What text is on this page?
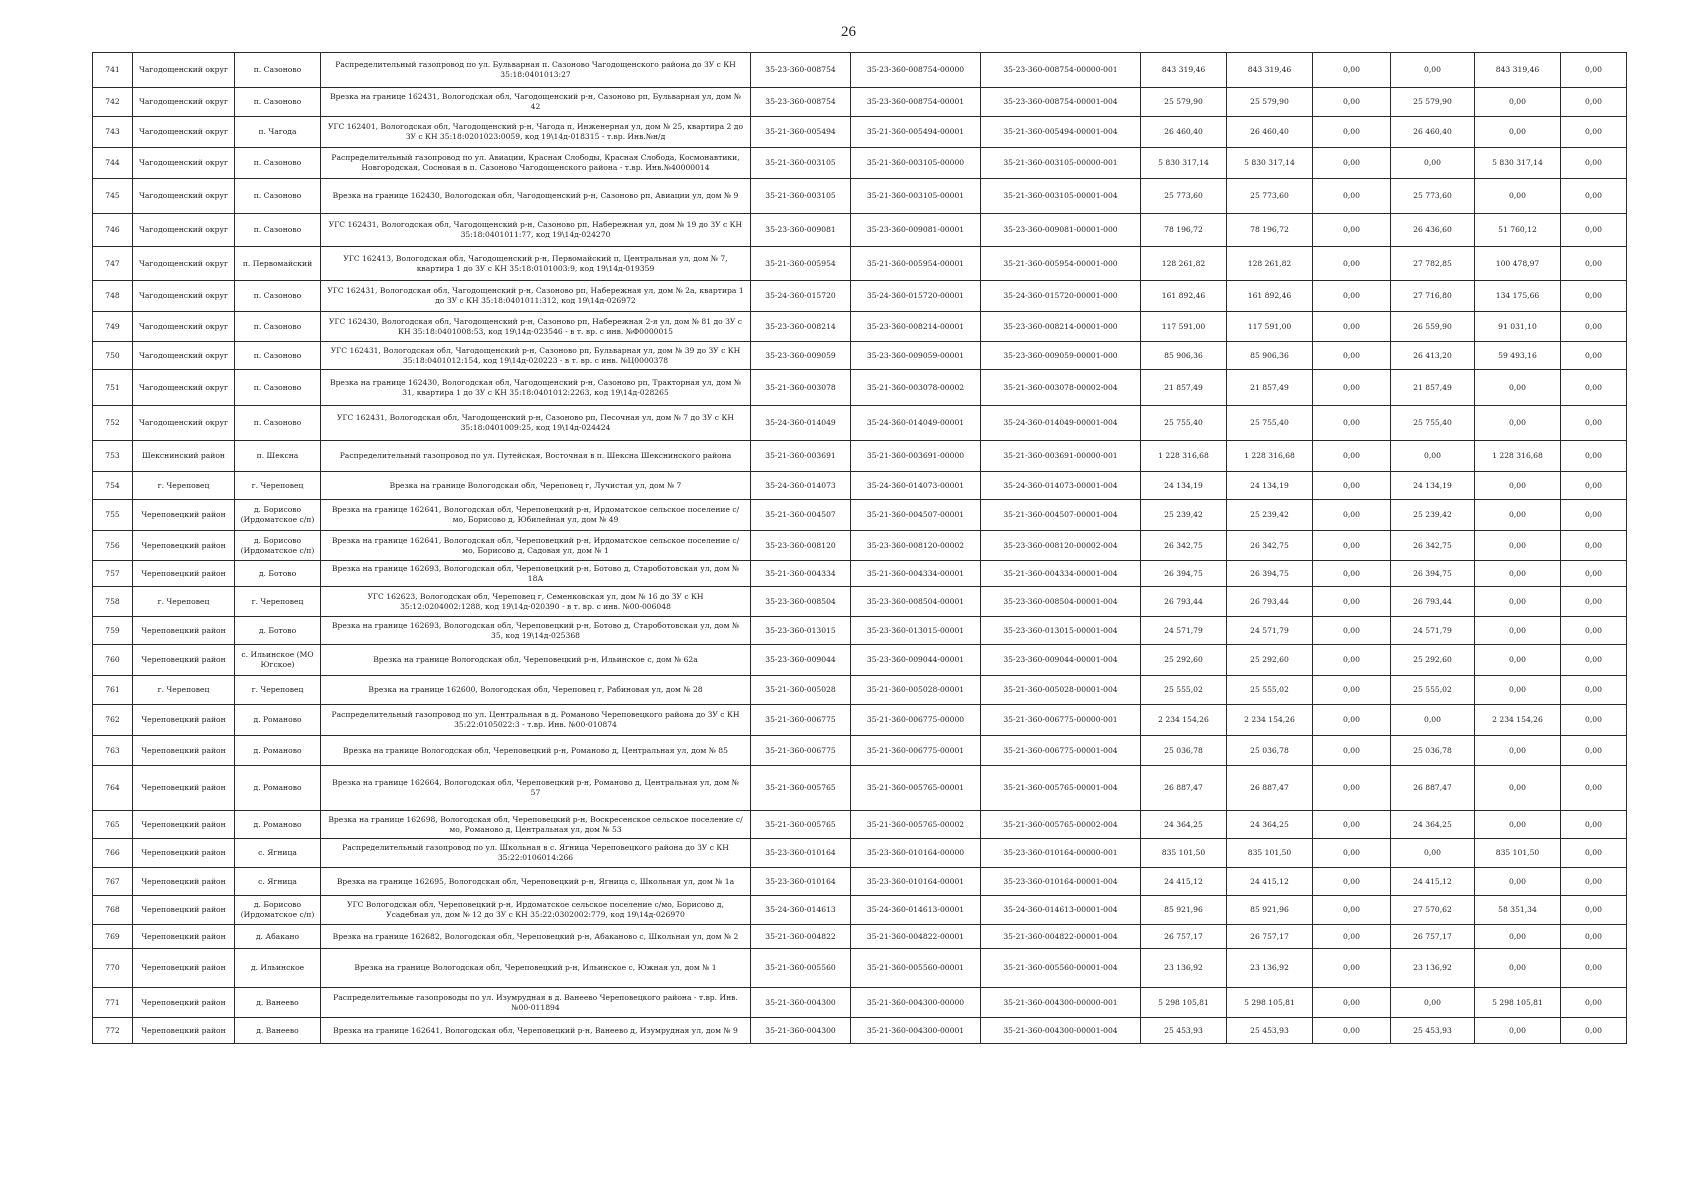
26
741	Чагодощенский округ	п. Сазоново	Распределительный газопровод по ул. Бульварная п. Сазоново Чагодощенского района до ЗУ с КН 35:18:0401013:27	35-23-360-008754	35-23-360-008754-00000	35-23-360-008754-00000-001	843 319,46	843 319,46	0,00	0,00	843 319,46	0,00
742	Чагодощенский округ	п. Сазоново	Врезка на границе 162431, Вологодская обл, Чагодощенский р-н, Сазоново рп, Бульварная ул, дом № 42	35-23-360-008754	35-23-360-008754-00001	35-23-360-008754-00001-004	25 579,90	25 579,90	0,00	25 579,90	0,00	0,00
743	Чагодощенский округ	п. Чагода	УГС 162401, Вологодская обл, Чагодощенский р-н, Чагода п, Инженерная ул, дом № 25, квартира 2 до ЗУ с КН 35:18:0201023:0059, код 19\14д-018315 - т.вр. Инв.№н/д	35-21-360-005494	35-21-360-005494-00001	35-21-360-005494-00001-004	26 460,40	26 460,40	0,00	26 460,40	0,00	0,00
744	Чагодощенский округ	п. Сазоново	Распределительный газопровод по ул. Авиации, Красная Слободы, Красная Слобода, Космонавтики, Новгородская, Сосновая в п. Сазоново Чагодощенского района - т.вр. Инв.№40000014	35-21-360-003105	35-21-360-003105-00000	35-21-360-003105-00000-001	5 830 317,14	5 830 317,14	0,00	0,00	5 830 317,14	0,00
745	Чагодощенский округ	п. Сазоново	Врезка на границе 162430, Вологодская обл, Чагодощенский р-н, Сазоново рп, Авиации ул, дом № 9	35-21-360-003105	35-21-360-003105-00001	35-21-360-003105-00001-004	25 773,60	25 773,60	0,00	25 773,60	0,00	0,00
746	Чагодощенский округ	п. Сазоново	УГС 162431, Вологодская обл, Чагодощенский р-н, Сазоново рп, Набережная ул, дом № 19 до ЗУ с КН 35:18:0401011:77, код 19\14д-024270	35-23-360-009081	35-23-360-009081-00001	35-23-360-009081-00001-000	78 196,72	78 196,72	0,00	26 436,60	51 760,12	0,00
747	Чагодощенский округ	п. Первомайский	УГС 162413, Вологодская обл, Чагодощенский р-н, Первомайский п, Центральная ул, дом № 7, квартира 1 до ЗУ с КН 35:18:0101003:9, код 19\14д-019359	35-21-360-005954	35-21-360-005954-00001	35-21-360-005954-00001-000	128 261,82	128 261,82	0,00	27 782,85	100 478,97	0,00
748	Чагодощенский округ	п. Сазоново	УГС 162431, Вологодская обл, Чагодощенский р-н, Сазоново рп, Набережная ул, дом № 2а, квартира 1 до ЗУ с КН 35:18:0401011:312, код 19\14д-026972	35-24-360-015720	35-24-360-015720-00001	35-24-360-015720-00001-000	161 892,46	161 892,46	0,00	27 716,80	134 175,66	0,00
749	Чагодощенский округ	п. Сазоново	УГС 162430, Вологодская обл, Чагодощенский р-н, Сазоново рп, Набережная 2-я ул, дом № 81 до ЗУ с КН 35:18:0401008:53, код 19\14д-023546 - в т. вр. с инв. №Ф0000015	35-23-360-008214	35-23-360-008214-00001	35-23-360-008214-00001-000	117 591,00	117 591,00	0,00	26 559,90	91 031,10	0,00
750	Чагодощенский округ	п. Сазоново	УГС 162431, Вологодская обл, Чагодощенский р-н, Сазоново рп, Бульварная ул, дом № 39 до ЗУ с КН 35:18:0401012:154, код 19\14д-020223 - в т. вр. с инв. №Ц0000378	35-23-360-009059	35-23-360-009059-00001	35-23-360-009059-00001-000	85 906,36	85 906,36	0,00	26 413,20	59 493,16	0,00
751	Чагодощенский округ	п. Сазоново	Врезка на границе 162430, Вологодская обл, Чагодощенский р-н, Сазоново рп, Тракторная ул, дом № 31, квартира 1 до ЗУ с КН 35:18:0401012:2263, код 19\14д-028265	35-21-360-003078	35-21-360-003078-00002	35-21-360-003078-00002-004	21 857,49	21 857,49	0,00	21 857,49	0,00	0,00
752	Чагодощенский округ	п. Сазоново	УГС 162431, Вологодская обл, Чагодощенский р-н, Сазоново рп, Песочная ул, дом № 7 до ЗУ с КН 35:18:0401009:25, код 19\14д-024424	35-24-360-014049	35-24-360-014049-00001	35-24-360-014049-00001-004	25 755,40	25 755,40	0,00	25 755,40	0,00	0,00
753	Шекснинский район	п. Шексна	Распределительный газопровод по ул. Путейская, Восточная в п. Шексна Шекснинского района	35-21-360-003691	35-21-360-003691-00000	35-21-360-003691-00000-001	1 228 316,68	1 228 316,68	0,00	0,00	1 228 316,68	0,00
754	г. Череповец	г. Череповец	Врезка на границе Вологодская обл, Череповец г, Лучистая ул, дом № 7	35-24-360-014073	35-24-360-014073-00001	35-24-360-014073-00001-004	24 134,19	24 134,19	0,00	24 134,19	0,00	0,00
755	Череповецкий район	д. Борисово (Ирдоматское с/п)	Врезка на границе 162641, Вологодская обл, Череповецкий р-н, Ирдоматское сельское поселение с/мо, Борисово д, Юбилейная ул, дом № 49	35-21-360-004507	35-21-360-004507-00001	35-21-360-004507-00001-004	25 239,42	25 239,42	0,00	25 239,42	0,00	0,00
756	Череповецкий район	д. Борисово (Ирдоматское с/п)	Врезка на границе 162641, Вологодская обл, Череповецкий р-н, Ирдоматское сельское поселение с/мо, Борисово д, Садовая ул, дом № 1	35-23-360-008120	35-23-360-008120-00002	35-23-360-008120-00002-004	26 342,75	26 342,75	0,00	26 342,75	0,00	0,00
757	Череповецкий район	д. Ботово	Врезка на границе 162693, Вологодская обл, Череповецкий р-н, Ботово д, Староботовская ул, дом № 18А	35-21-360-004334	35-21-360-004334-00001	35-21-360-004334-00001-004	26 394,75	26 394,75	0,00	26 394,75	0,00	0,00
758	г. Череповец	г. Череповец	УГС 162623, Вологодская обл, Череповец г, Семенковская ул, дом № 16 до ЗУ с КН 35:12:0204002:1288, код 19\14д-020390 - в т. вр. с инв. №00-006048	35-23-360-008504	35-23-360-008504-00001	35-23-360-008504-00001-004	26 793,44	26 793,44	0,00	26 793,44	0,00	0,00
759	Череповецкий район	д. Ботово	Врезка на границе 162693, Вологодская обл, Череповецкий р-н, Ботово д, Староботовская ул, дом № 35, код 19\14д-025368	35-23-360-013015	35-23-360-013015-00001	35-23-360-013015-00001-004	24 571,79	24 571,79	0,00	24 571,79	0,00	0,00
760	Череповецкий район	с. Ильинское (МО Югское)	Врезка на границе Вологодская обл, Череповецкий р-н, Ильинское с, дом № 62а	35-23-360-009044	35-23-360-009044-00001	35-23-360-009044-00001-004	25 292,60	25 292,60	0,00	25 292,60	0,00	0,00
761	г. Череповец	г. Череповец	Врезка на границе 162600, Вологодская обл, Череповец г, Рабиновая ул, дом № 28	35-21-360-005028	35-21-360-005028-00001	35-21-360-005028-00001-004	25 555,02	25 555,02	0,00	25 555,02	0,00	0,00
762	Череповецкий район	д. Романово	Распределительный газопровод по ул. Центральная в д. Романово Череповецкого района до ЗУ с КН 35:22:0105022:3 - т.вр. Инв. №00-010874	35-21-360-006775	35-21-360-006775-00000	35-21-360-006775-00000-001	2 234 154,26	2 234 154,26	0,00	0,00	2 234 154,26	0,00
763	Череповецкий район	д. Романово	Врезка на границе Вологодская обл, Череповецкий р-н, Романово д, Центральная ул, дом № 85	35-21-360-006775	35-21-360-006775-00001	35-21-360-006775-00001-004	25 036,78	25 036,78	0,00	25 036,78	0,00	0,00
764	Череповецкий район	д. Романово	Врезка на границе 162664, Вологодская обл, Череповецкий р-н, Романово д, Центральная ул, дом № 57	35-21-360-005765	35-21-360-005765-00001	35-21-360-005765-00001-004	26 887,47	26 887,47	0,00	26 887,47	0,00	0,00
765	Череповецкий район	д. Романово	Врезка на границе 162698, Вологодская обл, Череповецкий р-н, Воскресенское сельское поселение с/мо, Романово д, Центральная ул, дом № 53	35-21-360-005765	35-21-360-005765-00002	35-21-360-005765-00002-004	24 364,25	24 364,25	0,00	24 364,25	0,00	0,00
766	Череповецкий район	с. Ягница	Распределительный газопровод по ул. Школьная в с. Ягница Череповецкого района до ЗУ с КН 35:22:0106014:266	35-23-360-010164	35-23-360-010164-00000	35-23-360-010164-00000-001	835 101,50	835 101,50	0,00	0,00	835 101,50	0,00
767	Череповецкий район	с. Ягница	Врезка на границе 162695, Вологодская обл, Череповецкий р-н, Ягница с, Школьная ул, дом № 1а	35-23-360-010164	35-23-360-010164-00001	35-23-360-010164-00001-004	24 415,12	24 415,12	0,00	24 415,12	0,00	0,00
768	Череповецкий район	д. Борисово (Ирдоматское с/п)	УГС Вологодская обл, Череповецкий р-н, Ирдоматское сельское поселение с/мо, Борисово д, Усадебная ул, дом № 12 до ЗУ с КН 35:22:0302002:779, код 19\14д-026970	35-24-360-014613	35-24-360-014613-00001	35-24-360-014613-00001-004	85 921,96	85 921,96	0,00	27 570,62	58 351,34	0,00
769	Череповецкий район	д. Абакано	Врезка на границе 162682, Вологодская обл, Череповецкий р-н, Абаканово с, Школьная ул, дом № 2	35-21-360-004822	35-21-360-004822-00001	35-21-360-004822-00001-004	26 757,17	26 757,17	0,00	26 757,17	0,00	0,00
770	Череповецкий район	д. Ильинское	Врезка на границе Вологодская обл, Череповецкий р-н, Ильинское с, Южная ул, дом № 1	35-21-360-005560	35-21-360-005560-00001	35-21-360-005560-00001-004	23 136,92	23 136,92	0,00	23 136,92	0,00	0,00
771	Череповецкий район	д. Ванеево	Распределительные газопроводы по ул. Изумрудная в д. Ванеево Череповецкого района - т.вр. Инв. №00-011894	35-21-360-004300	35-21-360-004300-00000	35-21-360-004300-00000-001	5 298 105,81	5 298 105,81	0,00	0,00	5 298 105,81	0,00
772	Череповецкий район	д. Ванеево	Врезка на границе 162641, Вологодская обл, Череповецкий р-н, Ванеево д, Изумрудная ул, дом № 9	35-21-360-004300	35-21-360-004300-00001	35-21-360-004300-00001-004	25 453,93	25 453,93	0,00	25 453,93	0,00	0,00
